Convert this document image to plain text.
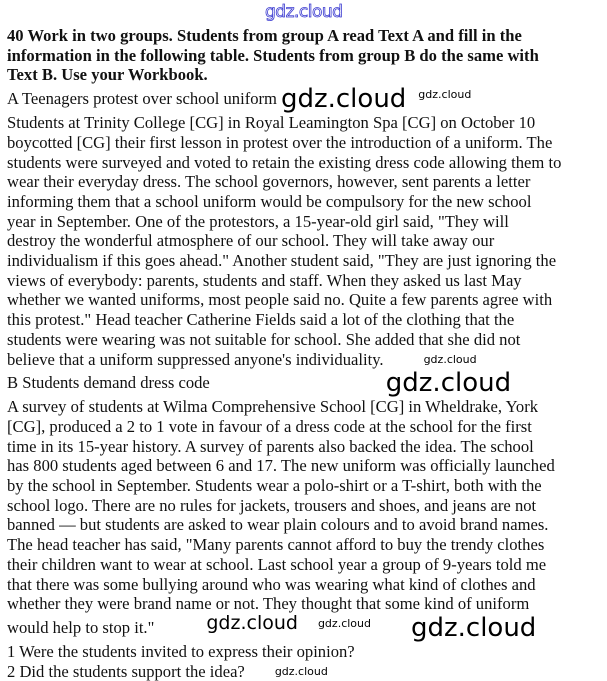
40 Work in two groups. Students from group A read Text A and fill in the
information in the following table. Students from group B do the same with
Text B. Use your Workbook.
A Teenagers protest over school uniform gdz.cloud gdz.cloud
Students at Trinity College [CG] in Royal Leamington Spa [CG] on October 10
boycotted [CG] their first lesson in protest over the introduction of a uniform. The
students were surveyed and voted to retain the existing dress code allowing them to
wear their everyday dress. The school governors, however, sent parents a letter
informing them that a school uniform would be compulsory for the new school
year in September. One of the protestors, a 15-year-old girl said, "They will
destroy the wonderful atmosphere of our school. They will take away our
individualism if this goes ahead." Another student said, "They are just ignoring the
views of everybody: parents, students and staff. When they asked us last May
whether we wanted uniforms, most people said no. Quite a few parents agree with
this protest." Head teacher Catherine Fields said a lot of the clothing that the
students were wearing was not suitable for school. She added that she did not
believe that a uniform suppressed anyone's individuality.	gdz.cloud
B Students demand dress code	gdz.cloud
A survey of students at Wilma Comprehensive School [CG] in Wheldrake, York
[CG], produced a 2 to 1 vote in favour of a dress code at the school for the first
time in its 15-year history. A survey of parents also backed the idea. The school
has 800 students aged between 6 and 17. The new uniform was officially launched
by the school in September. Students wear a polo-shirt or a T-shirt, both with the
school logo. There are no rules for jackets, trousers and shoes, and jeans are not
banned — but students are asked to wear plain colours and to avoid brand names.
The head teacher has said, "Many parents cannot afford to buy the trendy clothes
their children want to wear at school. Last school year a group of 9-years told me
that there was some bullying around who was wearing what kind of clothes and
whether they were brand name or not. They thought that some kind of uniform
would help to stop it."	gdz.cloud gdz.cloud gdz.cloud
1 Were the students invited to express their opinion?
2 Did the students support the idea?	gdz.cloud
gdz.cloud
